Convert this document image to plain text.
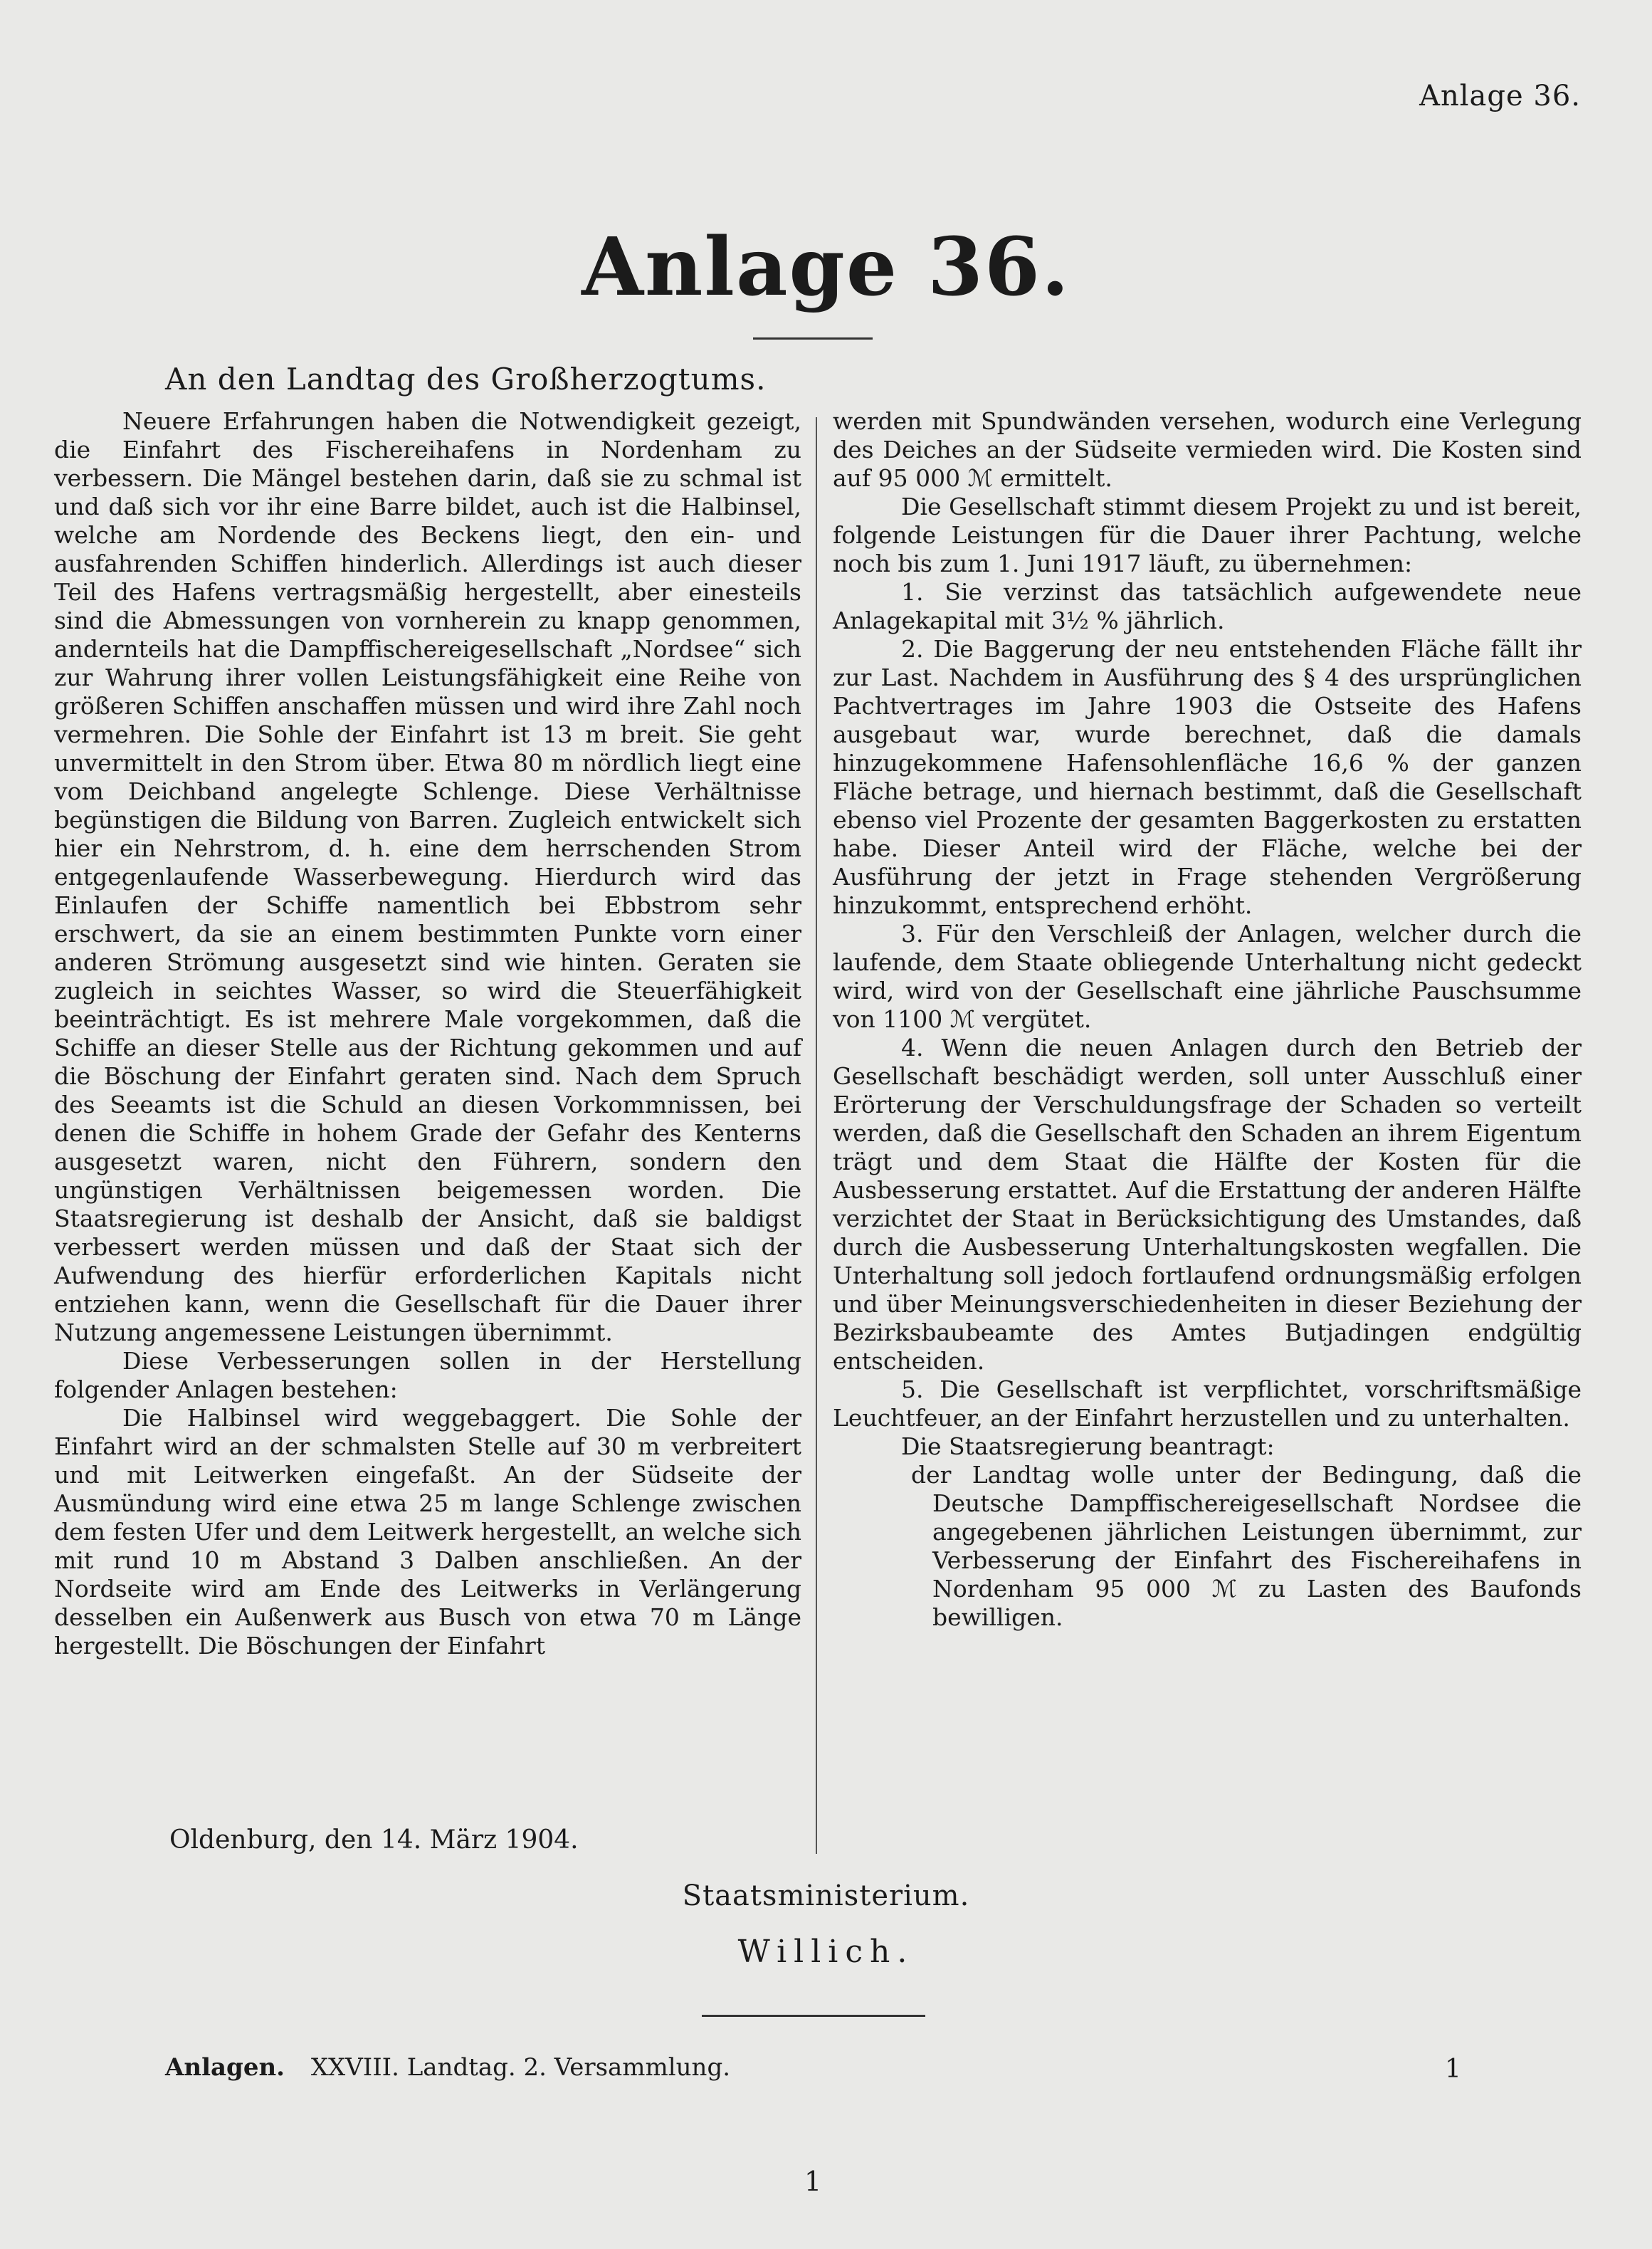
Anlage 36.
Anlage 36.
An den Landtag des Großherzogtums.

Neuere Erfahrungen haben die Notwendigkeit gezeigt, die Einfahrt des Fischereihafens in Nordenham zu verbessern. Die Mängel bestehen darin, daß sie zu schmal ist und daß sich vor ihr eine Barre bildet, auch ist die Halbinsel, welche am Nordende des Beckens liegt, den ein- und ausfahrenden Schiffen hinderlich. Allerdings ist auch dieser Teil des Hafens vertragsmäßig hergestellt, aber einesteils sind die Abmessungen von vornherein zu knapp genommen, andernteils hat die Dampffischereigesellschaft „Nordsee“ sich zur Wahrung ihrer vollen Leistungsfähigkeit eine Reihe von größeren Schiffen anschaffen müssen und wird ihre Zahl noch vermehren. Die Sohle der Einfahrt ist 13 m breit. Sie geht unvermittelt in den Strom über. Etwa 80 m nördlich liegt eine vom Deichband angelegte Schlenge. Diese Verhältnisse begünstigen die Bildung von Barren. Zugleich entwickelt sich hier ein Nehrstrom, d. h. eine dem herrschenden Strom entgegenlaufende Wasserbewegung. Hierdurch wird das Einlaufen der Schiffe namentlich bei Ebbstrom sehr erschwert, da sie an einem bestimmten Punkte vorn einer anderen Strömung ausgesetzt sind wie hinten. Geraten sie zugleich in seichtes Wasser, so wird die Steuerfähigkeit beeinträchtigt. Es ist mehrere Male vorgekommen, daß die Schiffe an dieser Stelle aus der Richtung gekommen und auf die Böschung der Einfahrt geraten sind. Nach dem Spruch des Seeamts ist die Schuld an diesen Vorkommnissen, bei denen die Schiffe in hohem Grade der Gefahr des Kenterns ausgesetzt waren, nicht den Führern, sondern den ungünstigen Verhältnissen beigemessen worden. Die Staatsregierung ist deshalb der Ansicht, daß sie baldigst verbessert werden müssen und daß der Staat sich der Aufwendung des hierfür erforderlichen Kapitals nicht entziehen kann, wenn die Gesellschaft für die Dauer ihrer Nutzung angemessene Leistungen übernimmt.

Diese Verbesserungen sollen in der Herstellung folgender Anlagen bestehen:

Die Halbinsel wird weggebaggert. Die Sohle der Einfahrt wird an der schmalsten Stelle auf 30 m verbreitert und mit Leitwerken eingefaßt. An der Südseite der Ausmündung wird eine etwa 25 m lange Schlenge zwischen dem festen Ufer und dem Leitwerk hergestellt, an welche sich mit rund 10 m Abstand 3 Dalben anschließen. An der Nordseite wird am Ende des Leitwerks in Verlängerung desselben ein Außenwerk aus Busch von etwa 70 m Länge hergestellt. Die Böschungen der Einfahrt

werden mit Spundwänden versehen, wodurch eine Verlegung des Deiches an der Südseite vermieden wird. Die Kosten sind auf 95 000 ℳ ermittelt.

Die Gesellschaft stimmt diesem Projekt zu und ist bereit, folgende Leistungen für die Dauer ihrer Pachtung, welche noch bis zum 1. Juni 1917 läuft, zu übernehmen:

1. Sie verzinst das tatsächlich aufgewendete neue Anlagekapital mit 3½ % jährlich.

2. Die Baggerung der neu entstehenden Fläche fällt ihr zur Last. Nachdem in Ausführung des § 4 des ursprünglichen Pachtvertrages im Jahre 1903 die Ostseite des Hafens ausgebaut war, wurde berechnet, daß die damals hinzugekommene Hafensohlenfläche 16,6 % der ganzen Fläche betrage, und hiernach bestimmt, daß die Gesellschaft ebenso viel Prozente der gesamten Baggerkosten zu erstatten habe. Dieser Anteil wird der Fläche, welche bei der Ausführung der jetzt in Frage stehenden Vergrößerung hinzukommt, entsprechend erhöht.

3. Für den Verschleiß der Anlagen, welcher durch die laufende, dem Staate obliegende Unterhaltung nicht gedeckt wird, wird von der Gesellschaft eine jährliche Pauschsumme von 1100 ℳ vergütet.

4. Wenn die neuen Anlagen durch den Betrieb der Gesellschaft beschädigt werden, soll unter Ausschluß einer Erörterung der Verschuldungsfrage der Schaden so verteilt werden, daß die Gesellschaft den Schaden an ihrem Eigentum trägt und dem Staat die Hälfte der Kosten für die Ausbesserung erstattet. Auf die Erstattung der anderen Hälfte verzichtet der Staat in Berücksichtigung des Umstandes, daß durch die Ausbesserung Unterhaltungskosten wegfallen. Die Unterhaltung soll jedoch fortlaufend ordnungsmäßig erfolgen und über Meinungsverschiedenheiten in dieser Beziehung der Bezirksbaubeamte des Amtes Butjadingen endgültig entscheiden.

5. Die Gesellschaft ist verpflichtet, vorschriftsmäßige Leuchtfeuer, an der Einfahrt herzustellen und zu unterhalten.

Die Staatsregierung beantragt:

der Landtag wolle unter der Bedingung, daß die Deutsche Dampffischereigesellschaft Nordsee die angegebenen jährlichen Leistungen übernimmt, zur Verbesserung der Einfahrt des Fischereihafens in Nordenham 95 000 ℳ zu Lasten des Baufonds bewilligen.

Oldenburg, den 14. März 1904.
Staatsministerium.
Willich.
Anlagen. XXVIII. Landtag. 2. Versammlung.	1
1
